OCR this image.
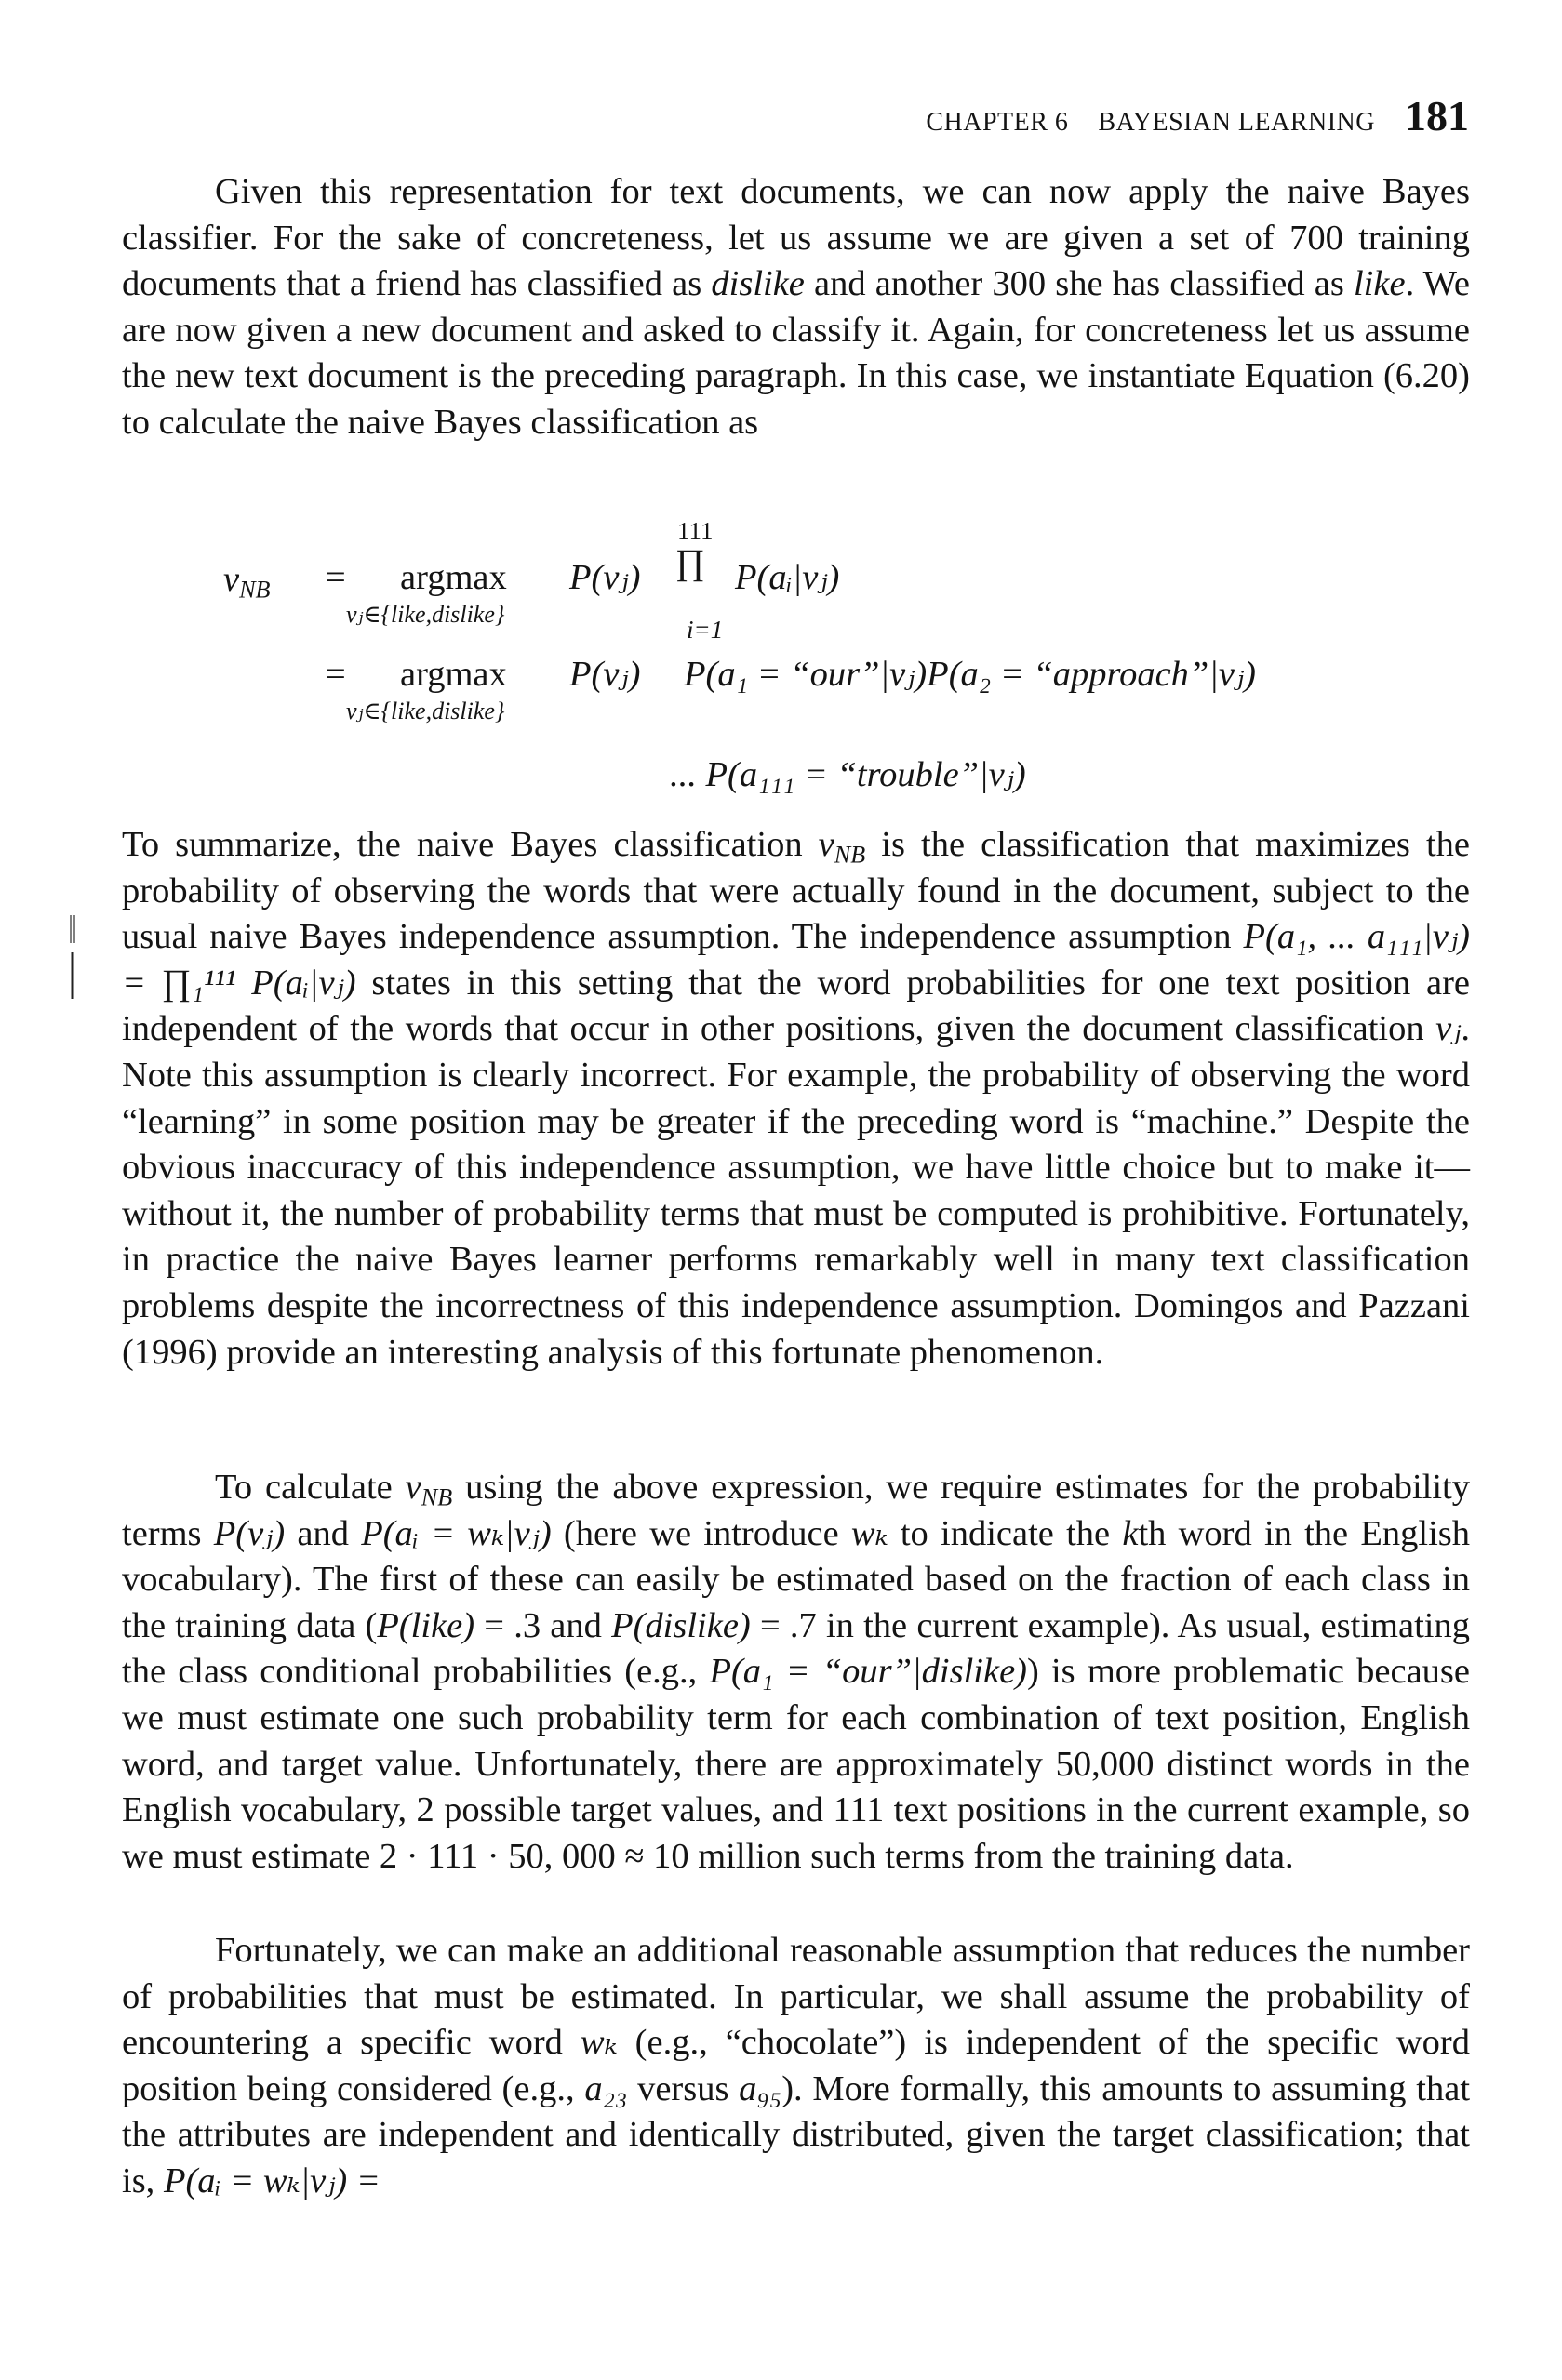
CHAPTER 6 BAYESIAN LEARNING 181

Given this representation for text documents, we can now apply the naive Bayes classifier. For the sake of concreteness, let us assume we are given a set of 700 training documents that a friend has classified as dislike and another 300 she has classified as like. We are now given a new document and asked to classify it. Again, for concreteness let us assume the new text document is the preceding paragraph. In this case, we instantiate Equation (6.20) to calculate the naive Bayes classification as

$v_{NB} = argmax$
vⱼ∈{like,dislike}
P(vⱼ)
111
∏
i=1
P(aᵢ|vⱼ)
= argmax
vⱼ∈{like,dislike}
P(vⱼ) P(a₁ = “our”|vⱼ)P(a₂ = “approach”|vⱼ)
... P(a₁₁₁ = “trouble”|vⱼ)

To summarize, the naive Bayes classification $v_{NB}$ is the classification that maximizes the probability of observing the words that were actually found in the document, subject to the usual naive Bayes independence assumption. The independence assumption P(a₁, ... a₁₁₁|vⱼ) = ∏₁¹¹¹ P(aᵢ|vⱼ) states in this setting that the word probabilities for one text position are independent of the words that occur in other positions, given the document classification vⱼ. Note this assumption is clearly incorrect. For example, the probability of observing the word “learning” in some position may be greater if the preceding word is “machine.” Despite the obvious inaccuracy of this independence assumption, we have little choice but to make it—without it, the number of probability terms that must be computed is prohibitive. Fortunately, in practice the naive Bayes learner performs remarkably well in many text classification problems despite the incorrectness of this independence assumption. Domingos and Pazzani (1996) provide an interesting analysis of this fortunate phenomenon.

To calculate $v_{NB}$ using the above expression, we require estimates for the probability terms P(vⱼ) and P(aᵢ = wₖ|vⱼ) (here we introduce wₖ to indicate the kth word in the English vocabulary). The first of these can easily be estimated based on the fraction of each class in the training data (P(like) = .3 and P(dislike) = .7 in the current example). As usual, estimating the class conditional probabilities (e.g., P(a₁ = “our”|dislike)) is more problematic because we must estimate one such probability term for each combination of text position, English word, and target value. Unfortunately, there are approximately 50,000 distinct words in the English vocabulary, 2 possible target values, and 111 text positions in the current example, so we must estimate 2 · 111 · 50, 000 ≈ 10 million such terms from the training data.

Fortunately, we can make an additional reasonable assumption that reduces the number of probabilities that must be estimated. In particular, we shall assume the probability of encountering a specific word wₖ (e.g., “chocolate”) is independent of the specific word position being considered (e.g., a₂₃ versus a₉₅). More formally, this amounts to assuming that the attributes are independent and identically distributed, given the target classification; that is, P(aᵢ = wₖ|vⱼ) =
